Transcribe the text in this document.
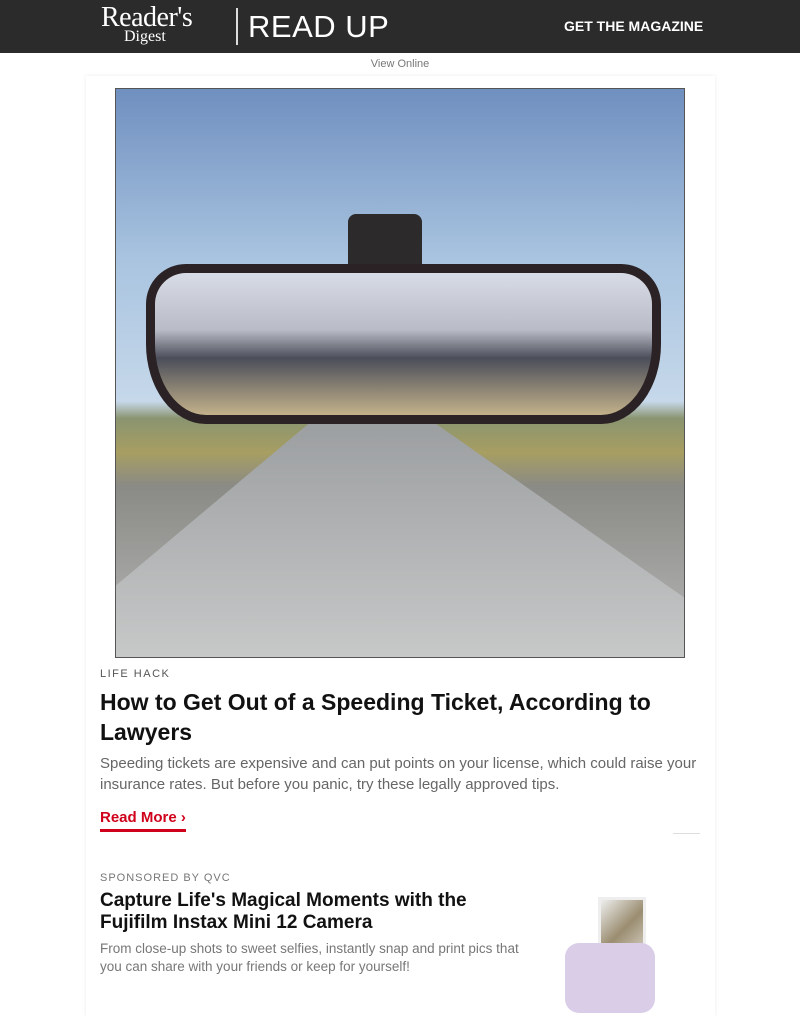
Reader's
Digest	READ UP	GET THE MAGAZINE
View Online
LIFE HACK
How to Get Out of a Speeding Ticket, According to Lawyers
Speeding tickets are expensive and can put points on your license, which could raise your insurance rates. But before you panic, try these legally approved tips.
Read More ›
SPONSORED BY QVC
Capture Life's Magical Moments with the Fujifilm Instax Mini 12 Camera
From close-up shots to sweet selfies, instantly snap and print pics that you can share with your friends or keep for yourself!
